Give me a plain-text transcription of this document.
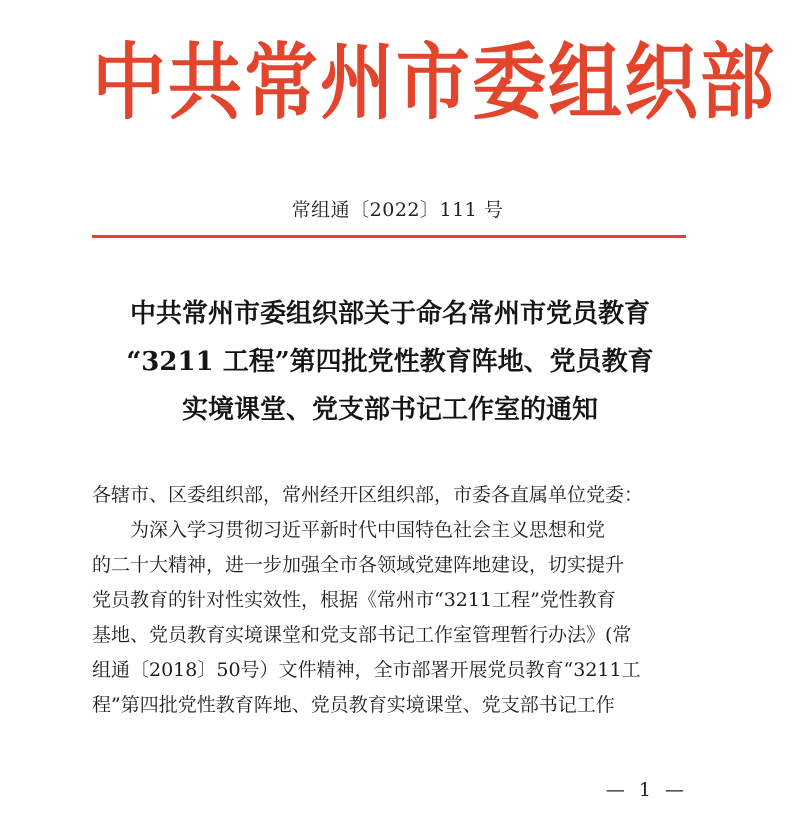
中共常州市委组织部
常组通〔2022〕111 号
中共常州市委组织部关于命名常州市党员教育
“3211 工程”第四批党性教育阵地、党员教育
实境课堂、党支部书记工作室的通知

各辖市、区委组织部，常州经开区组织部，市委各直属单位党委：

为深入学习贯彻习近平新时代中国特色社会主义思想和党

的二十大精神，进一步加强全市各领域党建阵地建设，切实提升

党员教育的针对性实效性，根据《常州市“3211工程”党性教育

基地、党员教育实境课堂和党支部书记工作室管理暂行办法》(常

组通〔2018〕50号）文件精神，全市部署开展党员教育“3211工

程”第四批党性教育阵地、党员教育实境课堂、党支部书记工作

— 1 —
